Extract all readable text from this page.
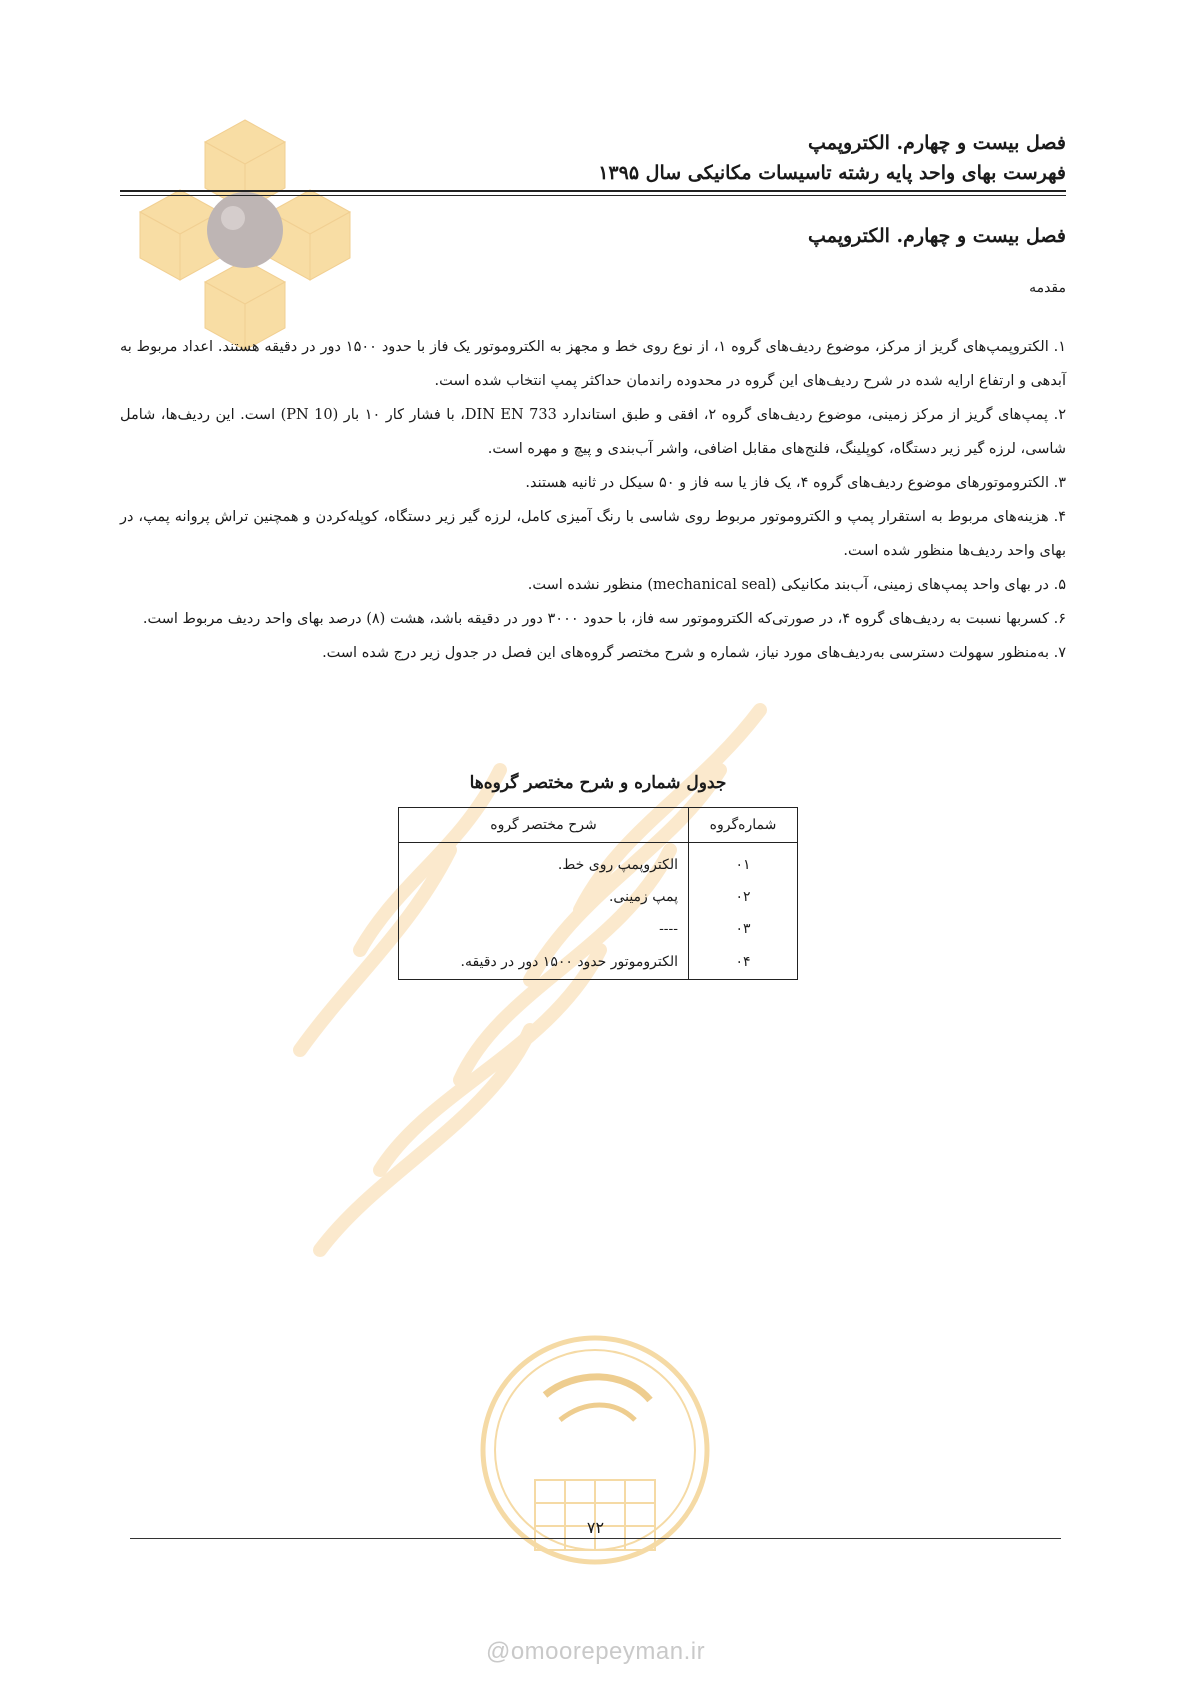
@omoorepeyman.ir
فصل بیست و چهارم. الکتروپمپ
فهرست بهای واحد پایه رشته تاسیسات مکانیکی سال ۱۳۹۵
فصل بیست و چهارم. الکتروپمپ
مقدمه

۱. الکتروپمپ‌های گریز از مرکز، موضوع ردیف‌های گروه ۱، از نوع روی خط و مجهز به الکتروموتور یک فاز با حدود ۱۵۰۰ دور در دقیقه هستند. اعداد مربوط به آبدهی و ارتفاع ارایه شده در شرح ردیف‌های این گروه در محدوده راندمان حداکثر پمپ انتخاب شده است.

۲. پمپ‌های گریز از مرکز زمینی، موضوع ردیف‌های گروه ۲، افقی و طبق استاندارد DIN EN 733، با فشار کار ۱۰ بار (PN 10) است. این ردیف‌ها، شامل شاسی، لرزه گیر زیر دستگاه، کوپلینگ، فلنج‌های مقابل اضافی، واشر آب‌بندی و پیچ و مهره است.

۳. الکتروموتورهای موضوع ردیف‌های گروه ۴، یک فاز یا سه فاز و ۵۰ سیکل در ثانیه هستند.

۴. هزینه‌های مربوط به استقرار پمپ و الکتروموتور مربوط روی شاسی با رنگ آمیزی کامل، لرزه گیر زیر دستگاه، کوپله‌کردن و همچنین تراش پروانه پمپ، در بهای واحد ردیف‌ها منظور شده است.

۵. در بهای واحد پمپ‌های زمینی، آب‌بند مکانیکی (mechanical seal) منظور نشده است.

۶. کسربها نسبت به ردیف‌های گروه ۴، در صورتی‌که الکتروموتور سه فاز، با حدود ۳۰۰۰ دور در دقیقه باشد، هشت (۸) درصد بهای واحد ردیف مربوط است.

۷. به‌منظور سهولت دسترسی به‌ردیف‌های مورد نیاز، شماره و شرح مختصر گروه‌های این فصل در جدول زیر درج شده است.

جدول شماره و شرح مختصر گروه‌ها
شماره‌گروه	شرح مختصر گروه
۰۱	الکتروپمپ روی خط.
۰۲	پمپ زمینی.
۰۳	----
۰۴	الکتروموتور حدود ۱۵۰۰ دور در دقیقه.
۷۲
